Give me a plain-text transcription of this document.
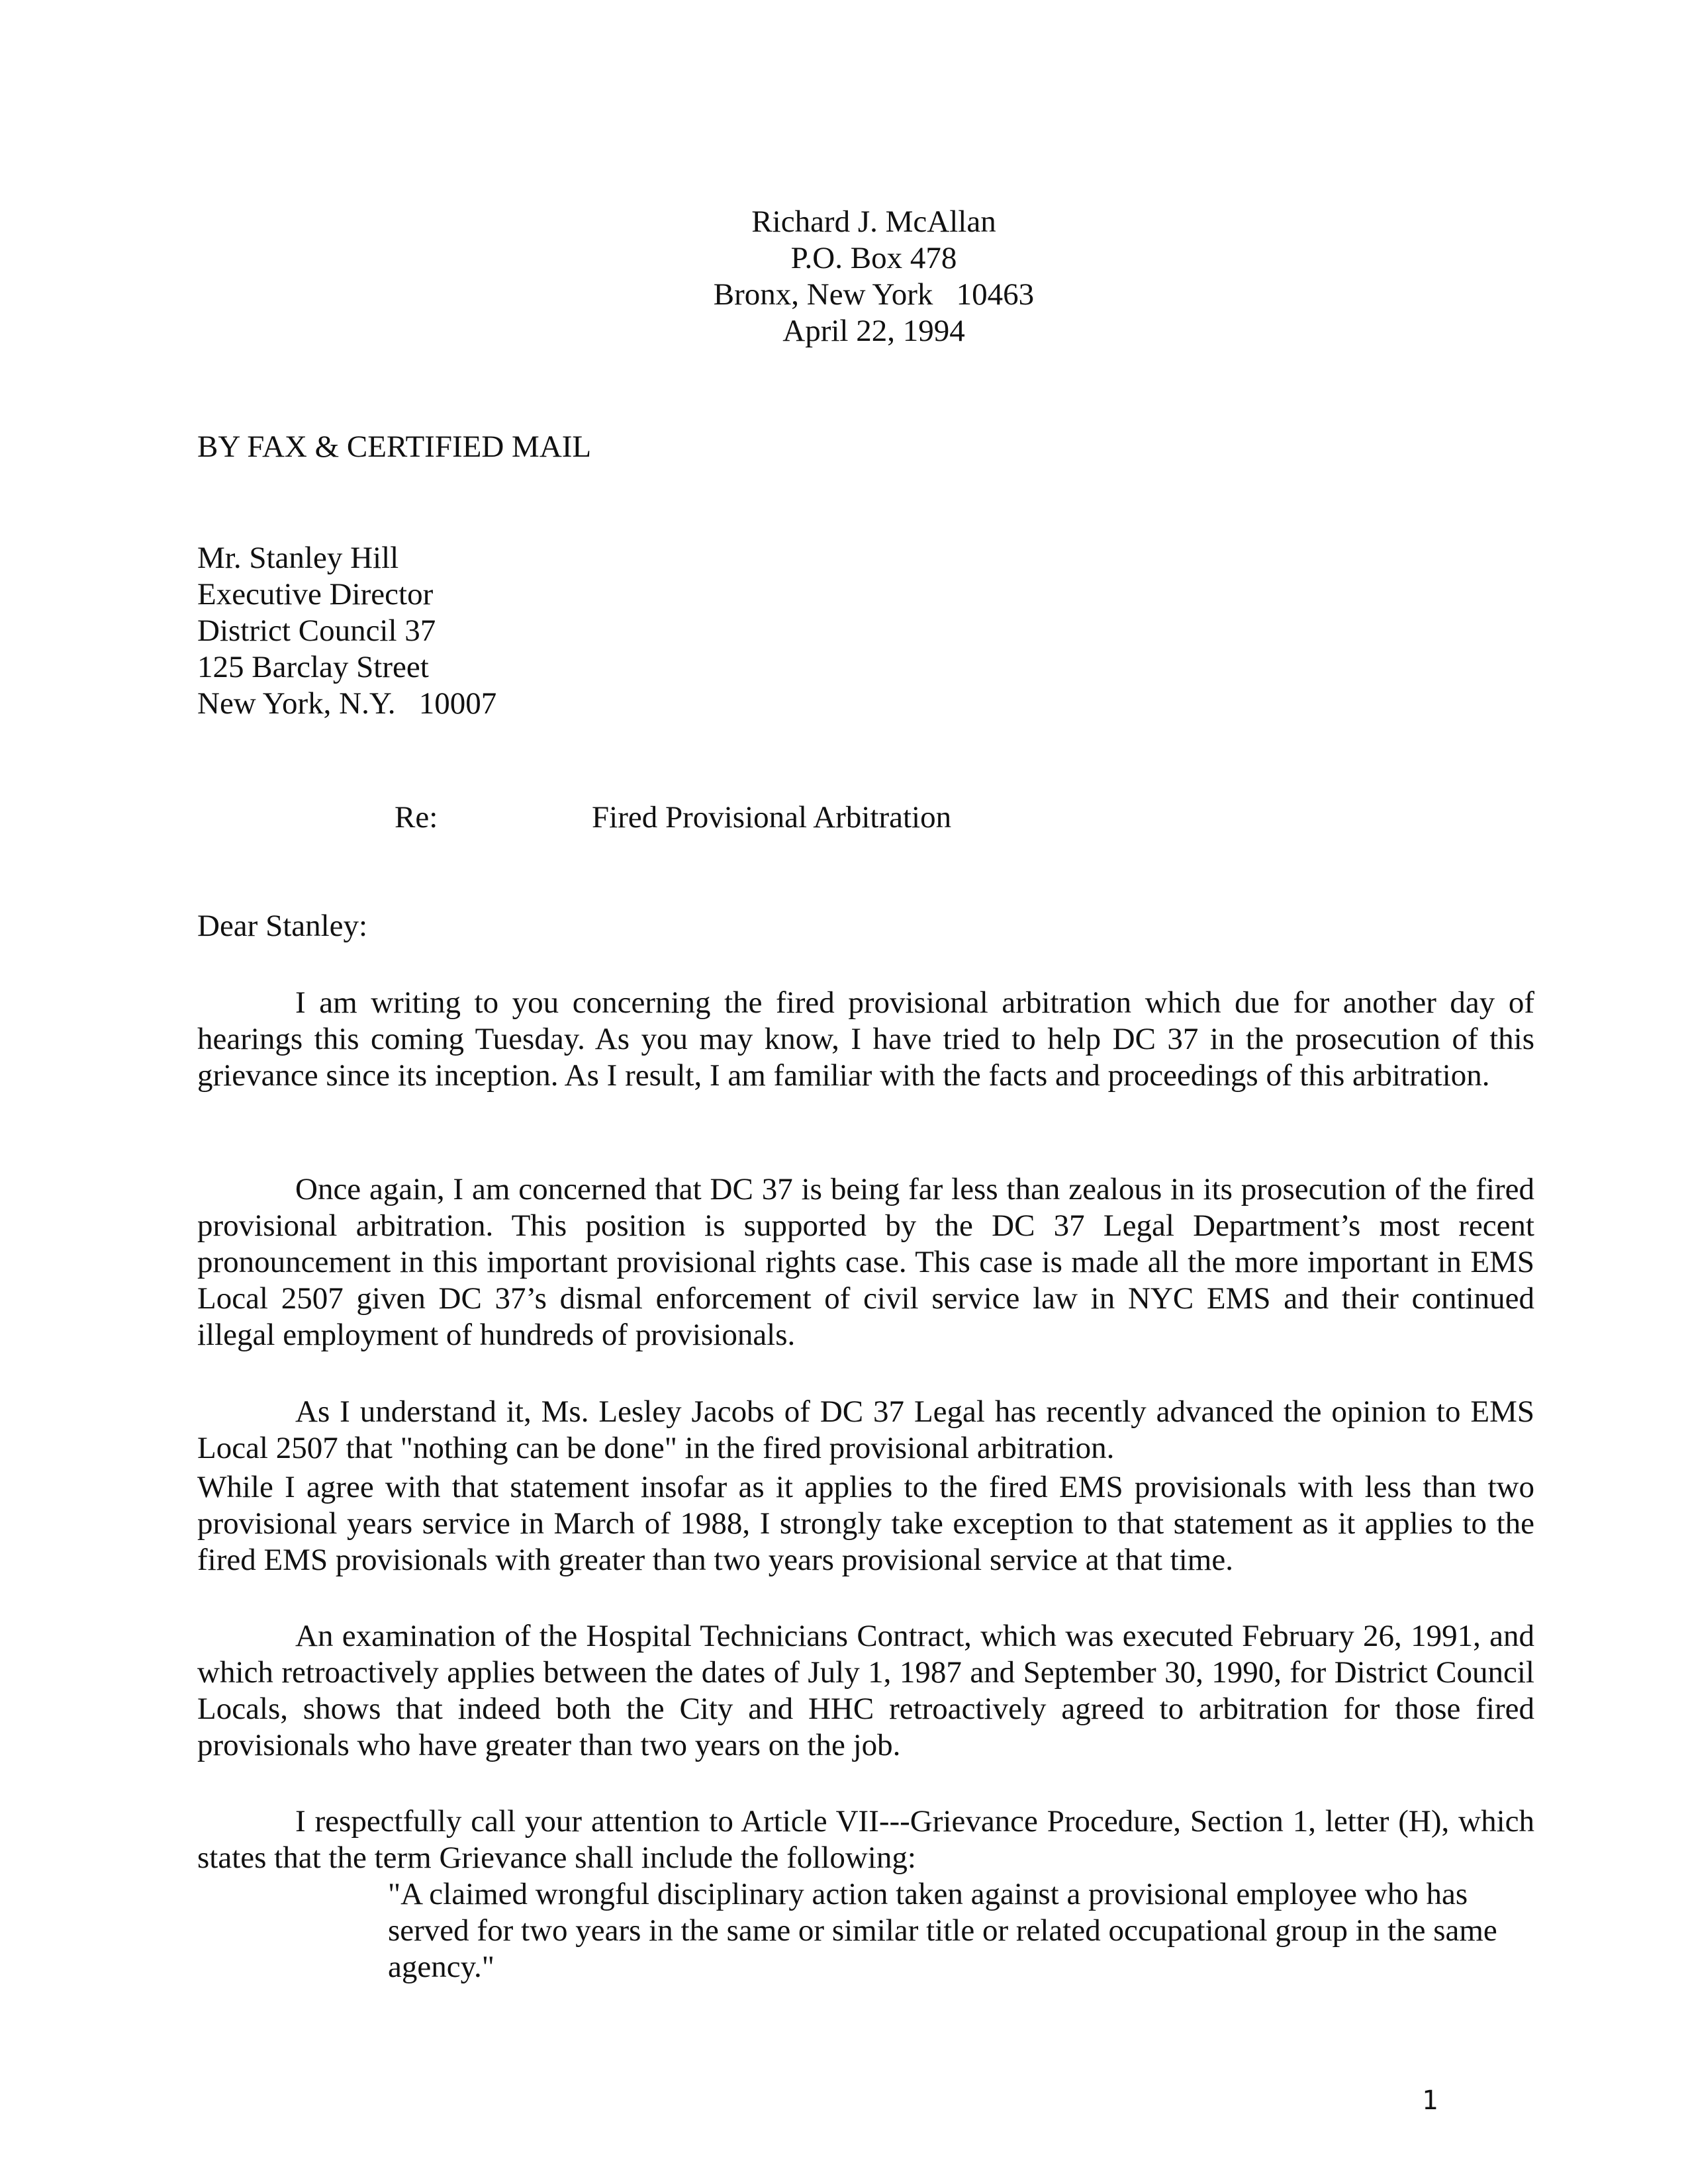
Richard J. McAllan
P.O. Box 478
Bronx, New York   10463
April 22, 1994
BY FAX & CERTIFIED MAIL
Mr. Stanley Hill
Executive Director
District Council 37
125 Barclay Street
New York, N.Y.   10007
Re:	Fired Provisional Arbitration
Dear Stanley:

I am writing to you concerning the fired provisional arbitration which due for another day of hearings this coming Tuesday. As you may know, I have tried to help DC 37 in the prosecution of this grievance since its inception. As I result, I am familiar with the facts and proceedings of this arbitration.

Once again, I am concerned that DC 37 is being far less than zealous in its prosecution of the fired provisional arbitration. This position is supported by the DC 37 Legal Department’s most recent pronouncement in this important provisional rights case. This case is made all the more important in EMS Local 2507 given DC 37’s dismal enforcement of civil service law in NYC EMS and their continued illegal employment of hundreds of provisionals.

As I understand it, Ms. Lesley Jacobs of DC 37 Legal has recently advanced the opinion to EMS Local 2507 that "nothing can be done" in the fired provisional arbitration.

While I agree with that statement insofar as it applies to the fired EMS provisionals with less than two provisional years service in March of 1988, I strongly take exception to that statement as it applies to the fired EMS provisionals with greater than two years provisional service at that time.

An examination of the Hospital Technicians Contract, which was executed February 26, 1991, and which retroactively applies between the dates of July 1, 1987 and September 30, 1990, for District Council Locals, shows that indeed both the City and HHC retroactively agreed to arbitration for those fired provisionals who have greater than two years on the job.

I respectfully call your attention to Article VII---Grievance Procedure, Section 1, letter (H), which states that the term Grievance shall include the following:

"A claimed wrongful disciplinary action taken against a provisional employee who has served for two years in the same or similar title or related occupational group in the same agency."

1
